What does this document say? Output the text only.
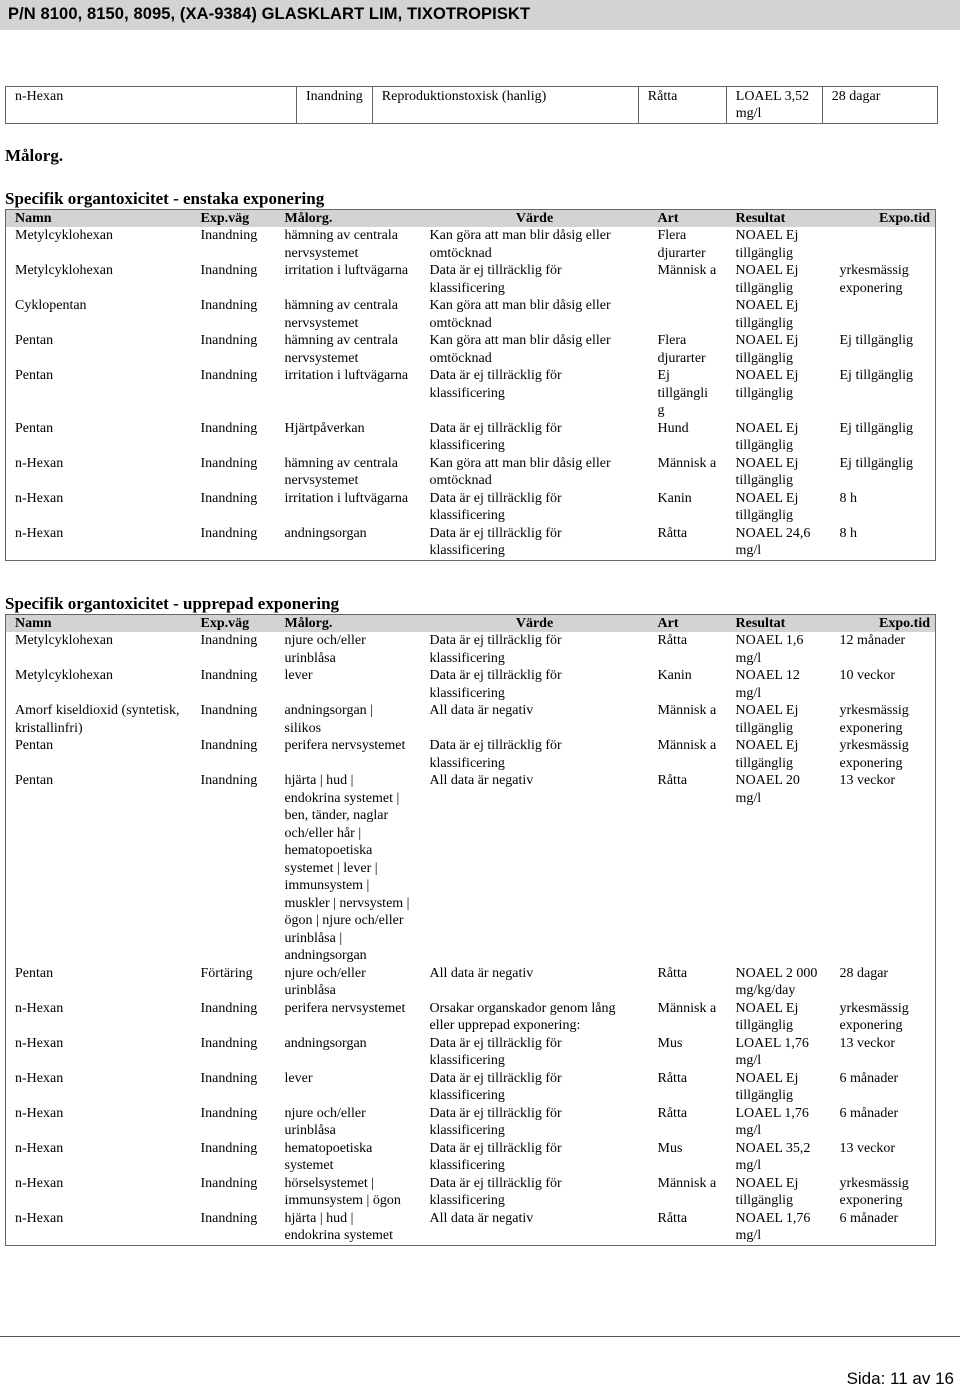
P/N 8100, 8150, 8095, (XA-9384) GLASKLART LIM, TIXOTROPISKT
n-Hexan	Inandning	Reproduktionstoxisk (hanlig)	Råtta	LOAEL 3,52 mg/l	28 dagar
Målorg.
Specifik organtoxicitet - enstaka exponering
Namn	Exp.väg	Målorg.	Värde	Art	Resultat	Expo.tid
Metylcyklohexan	Inandning	hämning av centrala nervsystemet	Kan göra att man blir dåsig eller omtöcknad	Flera djurarter	NOAEL Ej tillgänglig	
Metylcyklohexan	Inandning	irritation i luftvägarna	Data är ej tillräcklig för klassificering	Människ a	NOAEL Ej tillgänglig	yrkesmässig exponering
Cyklopentan	Inandning	hämning av centrala nervsystemet	Kan göra att man blir dåsig eller omtöcknad		NOAEL Ej tillgänglig	
Pentan	Inandning	hämning av centrala nervsystemet	Kan göra att man blir dåsig eller omtöcknad	Flera djurarter	NOAEL Ej tillgänglig	Ej tillgänglig
Pentan	Inandning	irritation i luftvägarna	Data är ej tillräcklig för klassificering	Ej tillgängli g	NOAEL Ej tillgänglig	Ej tillgänglig
Pentan	Inandning	Hjärtpåverkan	Data är ej tillräcklig för klassificering	Hund	NOAEL Ej tillgänglig	Ej tillgänglig
n-Hexan	Inandning	hämning av centrala nervsystemet	Kan göra att man blir dåsig eller omtöcknad	Människ a	NOAEL Ej tillgänglig	Ej tillgänglig
n-Hexan	Inandning	irritation i luftvägarna	Data är ej tillräcklig för klassificering	Kanin	NOAEL Ej tillgänglig	8 h
n-Hexan	Inandning	andningsorgan	Data är ej tillräcklig för klassificering	Råtta	NOAEL 24,6 mg/l	8 h
Specifik organtoxicitet - upprepad exponering
Namn	Exp.väg	Målorg.	Värde	Art	Resultat	Expo.tid
Metylcyklohexan	Inandning	njure och/eller urinblåsa	Data är ej tillräcklig för klassificering	Råtta	NOAEL 1,6 mg/l	12 månader
Metylcyklohexan	Inandning	lever	Data är ej tillräcklig för klassificering	Kanin	NOAEL 12 mg/l	10 veckor
Amorf kiseldioxid (syntetisk, kristallinfri)	Inandning	andningsorgan | silikos	All data är negativ	Människ a	NOAEL Ej tillgänglig	yrkesmässig exponering
Pentan	Inandning	perifera nervsystemet	Data är ej tillräcklig för klassificering	Människ a	NOAEL Ej tillgänglig	yrkesmässig exponering
Pentan	Inandning	hjärta | hud | endokrina systemet | ben, tänder, naglar och/eller hår | hematopoetiska systemet | lever | immunsystem | muskler | nervsystem | ögon | njure och/eller urinblåsa | andningsorgan	All data är negativ	Råtta	NOAEL 20 mg/l	13 veckor
Pentan	Förtäring	njure och/eller urinblåsa	All data är negativ	Råtta	NOAEL 2 000 mg/kg/day	28 dagar
n-Hexan	Inandning	perifera nervsystemet	Orsakar organskador genom lång eller upprepad exponering:	Människ a	NOAEL Ej tillgänglig	yrkesmässig exponering
n-Hexan	Inandning	andningsorgan	Data är ej tillräcklig för klassificering	Mus	LOAEL 1,76 mg/l	13 veckor
n-Hexan	Inandning	lever	Data är ej tillräcklig för klassificering	Råtta	NOAEL Ej tillgänglig	6 månader
n-Hexan	Inandning	njure och/eller urinblåsa	Data är ej tillräcklig för klassificering	Råtta	LOAEL 1,76 mg/l	6 månader
n-Hexan	Inandning	hematopoetiska systemet	Data är ej tillräcklig för klassificering	Mus	NOAEL 35,2 mg/l	13 veckor
n-Hexan	Inandning	hörselsystemet | immunsystem | ögon	Data är ej tillräcklig för klassificering	Människ a	NOAEL Ej tillgänglig	yrkesmässig exponering
n-Hexan	Inandning	hjärta | hud | endokrina systemet	All data är negativ	Råtta	NOAEL 1,76 mg/l	6 månader
Sida: 11 av 16
